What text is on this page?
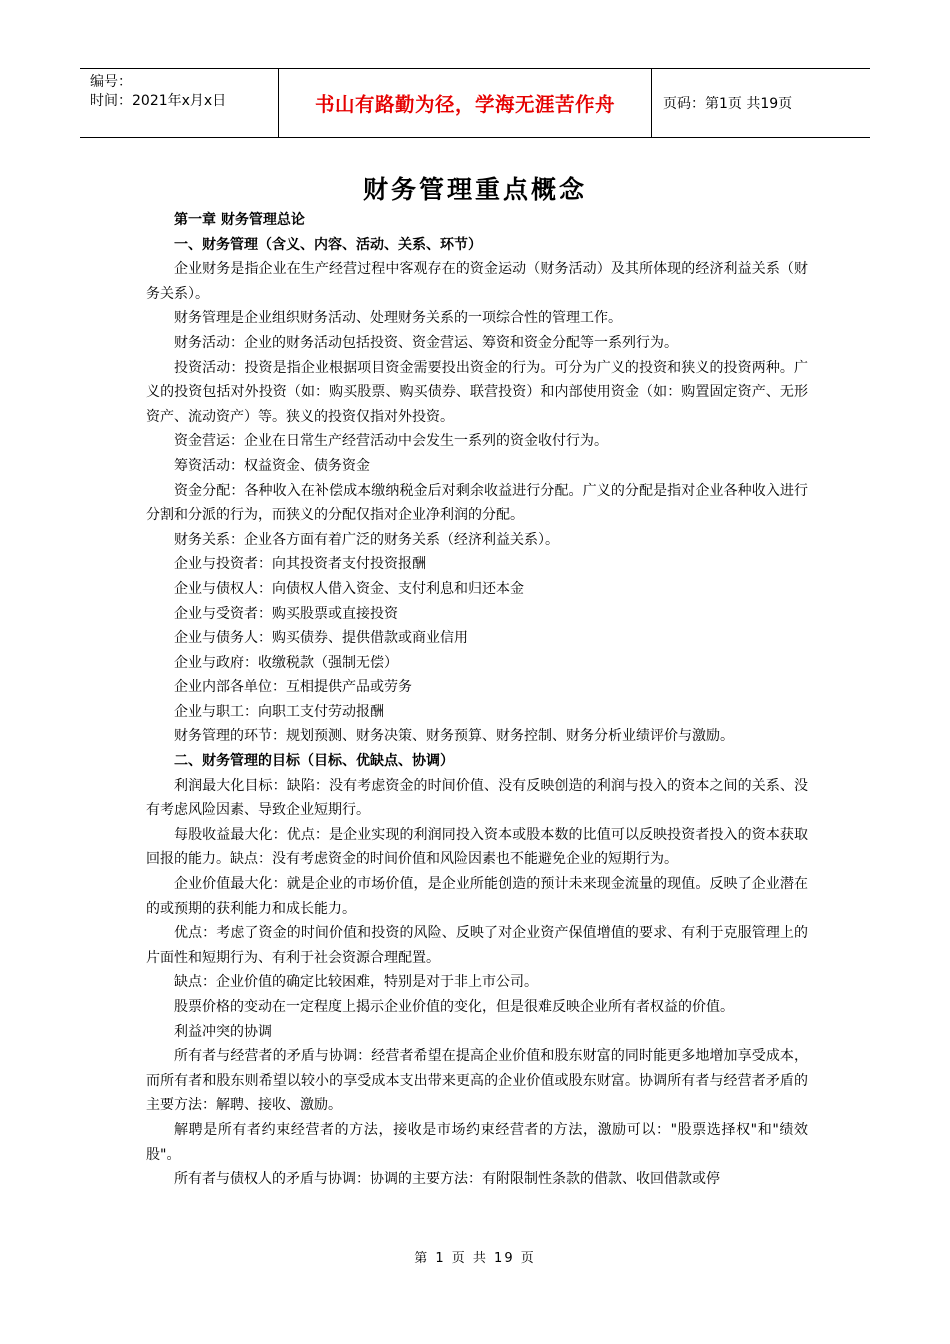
编号：
时间：2021年x月x日	书山有路勤为径，学海无涯苦作舟	页码：第1页 共19页
财务管理重点概念

第一章 财务管理总论

一、财务管理（含义、内容、活动、关系、环节）

企业财务是指企业在生产经营过程中客观存在的资金运动（财务活动）及其所体现的经济利益关系（财务关系）。

财务管理是企业组织财务活动、处理财务关系的一项综合性的管理工作。

财务活动：企业的财务活动包括投资、资金营运、筹资和资金分配等一系列行为。

投资活动：投资是指企业根据项目资金需要投出资金的行为。可分为广义的投资和狭义的投资两种。广义的投资包括对外投资（如：购买股票、购买债券、联营投资）和内部使用资金（如：购置固定资产、无形资产、流动资产）等。狭义的投资仅指对外投资。

资金营运：企业在日常生产经营活动中会发生一系列的资金收付行为。

筹资活动：权益资金、债务资金

资金分配：各种收入在补偿成本缴纳税金后对剩余收益进行分配。广义的分配是指对企业各种收入进行分割和分派的行为，而狭义的分配仅指对企业净利润的分配。

财务关系：企业各方面有着广泛的财务关系（经济利益关系）。

企业与投资者：向其投资者支付投资报酬

企业与债权人：向债权人借入资金、支付利息和归还本金

企业与受资者：购买股票或直接投资

企业与债务人：购买债券、提供借款或商业信用

企业与政府：收缴税款（强制无偿）

企业内部各单位：互相提供产品或劳务

企业与职工：向职工支付劳动报酬

财务管理的环节：规划预测、财务决策、财务预算、财务控制、财务分析业绩评价与激励。

二、财务管理的目标（目标、优缺点、协调）

利润最大化目标：缺陷：没有考虑资金的时间价值、没有反映创造的利润与投入的资本之间的关系、没有考虑风险因素、导致企业短期行。

每股收益最大化：优点：是企业实现的利润同投入资本或股本数的比值可以反映投资者投入的资本获取回报的能力。缺点：没有考虑资金的时间价值和风险因素也不能避免企业的短期行为。

企业价值最大化：就是企业的市场价值，是企业所能创造的预计未来现金流量的现值。反映了企业潜在的或预期的获利能力和成长能力。

优点：考虑了资金的时间价值和投资的风险、反映了对企业资产保值增值的要求、有利于克服管理上的片面性和短期行为、有利于社会资源合理配置。

缺点：企业价值的确定比较困难，特别是对于非上市公司。

股票价格的变动在一定程度上揭示企业价值的变化，但是很难反映企业所有者权益的价值。

利益冲突的协调

所有者与经营者的矛盾与协调：经营者希望在提高企业价值和股东财富的同时能更多地增加享受成本，而所有者和股东则希望以较小的享受成本支出带来更高的企业价值或股东财富。协调所有者与经营者矛盾的主要方法：解聘、接收、激励。

解聘是所有者约束经营者的方法，接收是市场约束经营者的方法，激励可以："股票选择权"和"绩效股"。

所有者与债权人的矛盾与协调：协调的主要方法：有附限制性条款的借款、收回借款或停

第 1 页 共 19 页
